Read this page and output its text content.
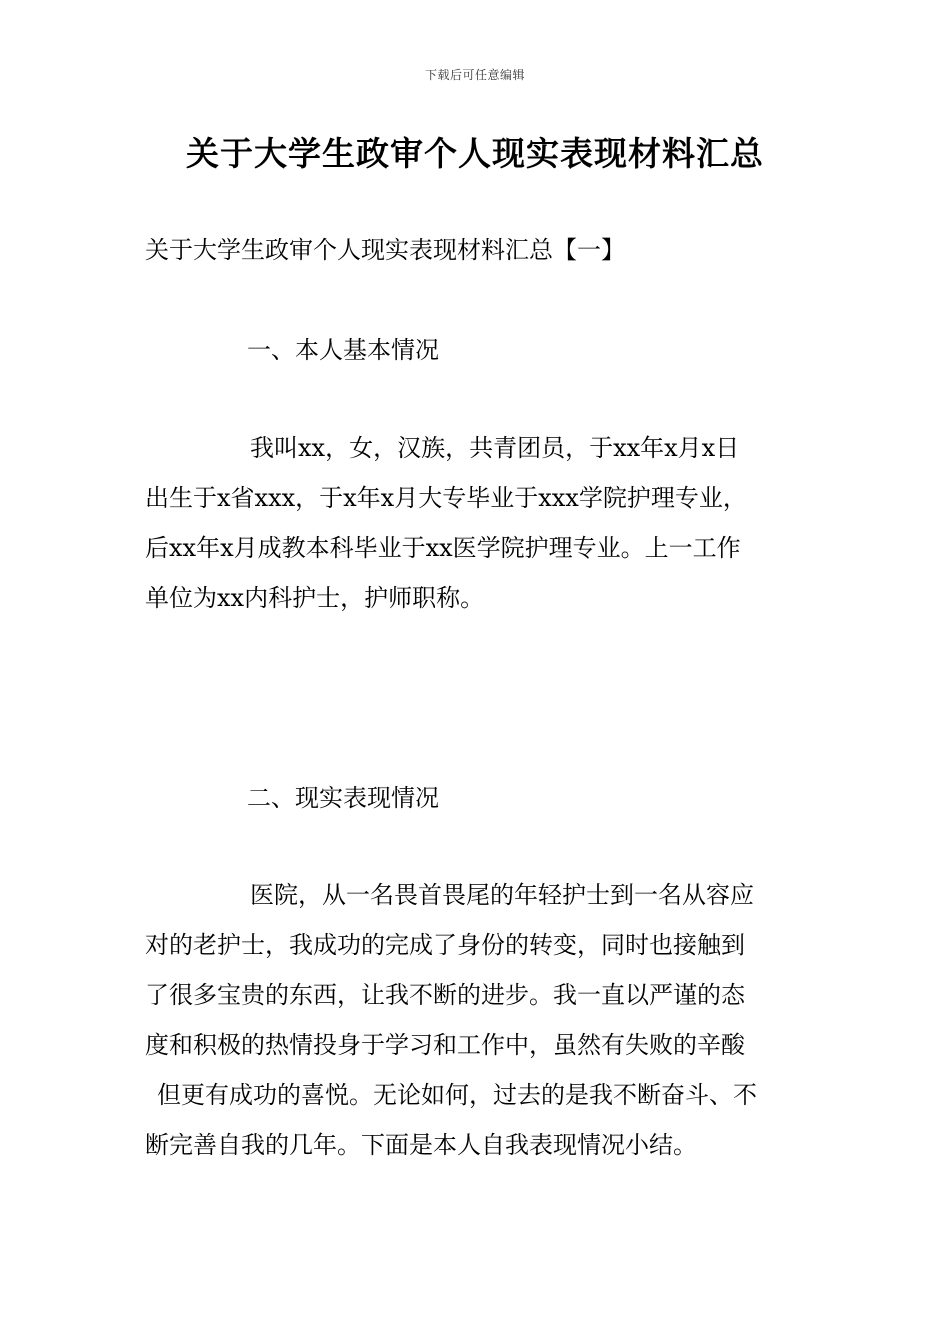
下载后可任意编辑
关于大学生政审个人现实表现材料汇总
关于大学生政审个人现实表现材料汇总【一】
一、本人基本情况
我叫xx，女，汉族，共青团员，于xx年x月x日
出生于x省xxx，于x年x月大专毕业于xxx学院护理专业，
后xx年x月成教本科毕业于xx医学院护理专业。上一工作
单位为xx内科护士，护师职称。
二、现实表现情况
医院，从一名畏首畏尾的年轻护士到一名从容应
对的老护士，我成功的完成了身份的转变，同时也接触到
了很多宝贵的东西，让我不断的进步。我一直以严谨的态
度和积极的热情投身于学习和工作中，虽然有失败的辛酸
但更有成功的喜悦。无论如何，过去的是我不断奋斗、不
断完善自我的几年。下面是本人自我表现情况小结。
